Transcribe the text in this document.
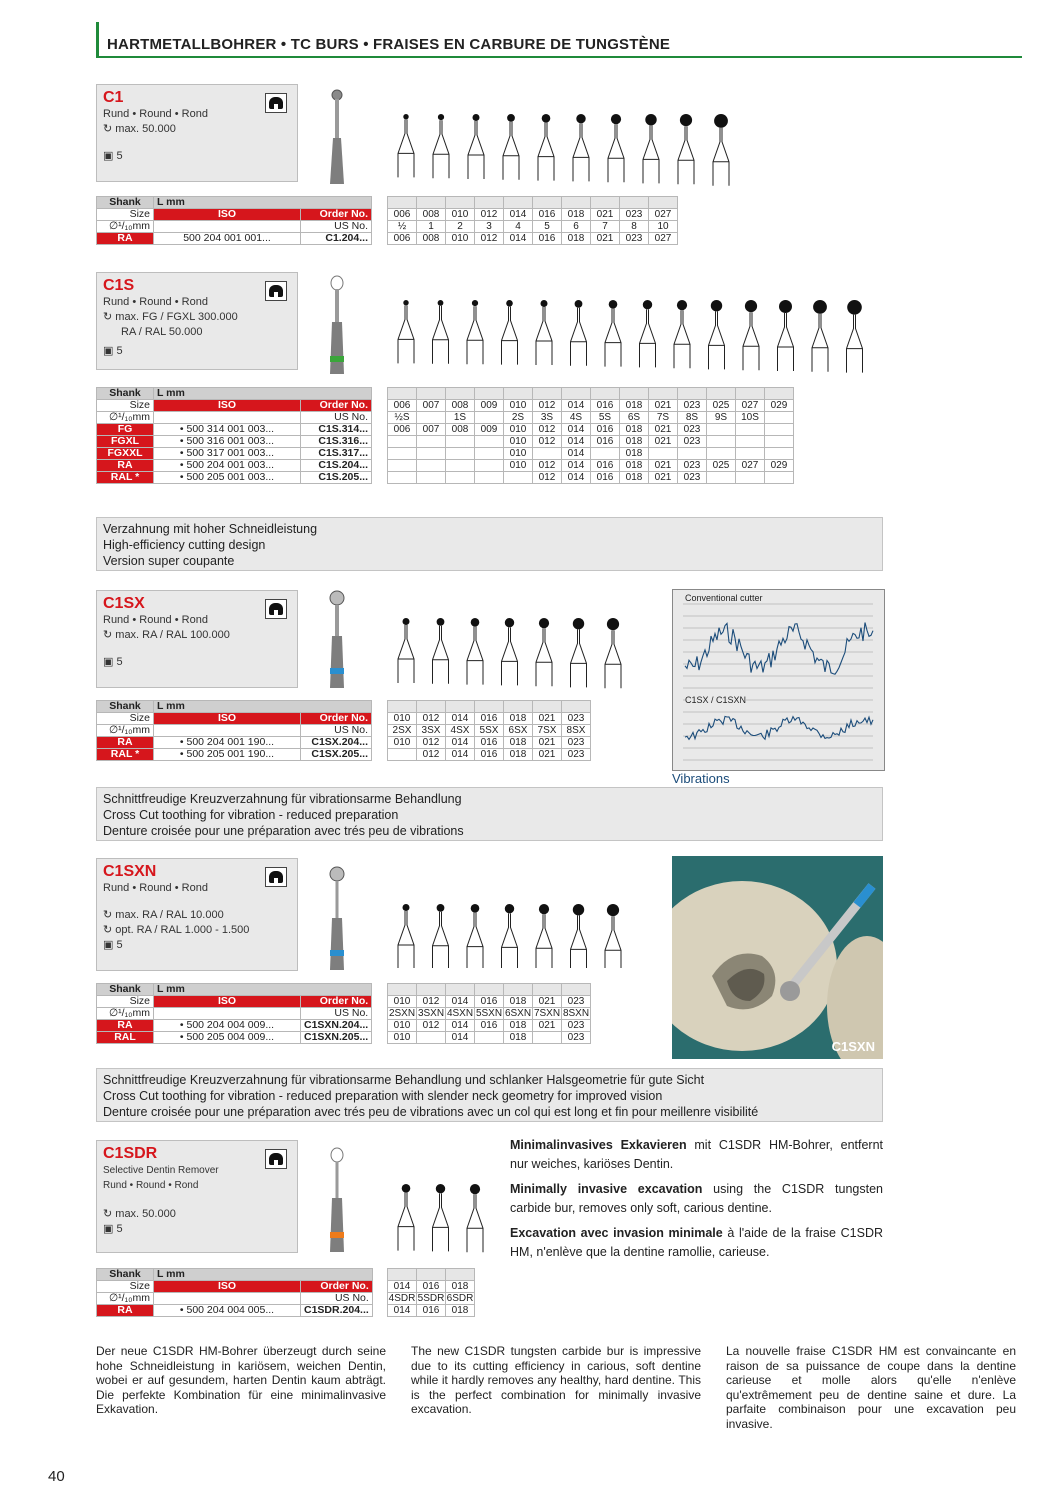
HARTMETALLBOHRER • TC BURS • FRAISES EN CARBURE DE TUNGSTÈNE
C1
Rund • Round • Rond
↻ max. 50.000
▣ 5
Shank	L mm	
Size	ISO	Order No.
∅¹/₁₀mm		US No.
RA	500 204 001 001...	C1.204...

006	008	010	012	014	016	018	021	023	027
½	1	2	3	4	5	6	7	8	10
006	008	010	012	014	016	018	021	023	027
C1S
Rund • Round • Rond
↻ max. FG / FGXL 300.000
RA / RAL 50.000
▣ 5
Shank	L mm	
Size	ISO	Order No.
∅¹/₁₀mm		US No.
FG	• 500 314 001 003...	C1S.314...
FGXL	• 500 316 001 003...	C1S.316...
FGXXL	• 500 317 001 003...	C1S.317...
RA	• 500 204 001 003...	C1S.204...
RAL *	• 500 205 001 003...	C1S.205...

006	007	008	009	010	012	014	016	018	021	023	025	027	029
½S		1S		2S	3S	4S	5S	6S	7S	8S	9S	10S	
006	007	008	009	010	012	014	016	018	021	023			
				010	012	014	016	018	021	023			
				010		014		018					
				010	012	014	016	018	021	023	025	027	029
					012	014	016	018	021	023			
Verzahnung mit hoher Schneidleistung
High-efficiency cutting design
Version super coupante
C1SX
Rund • Round • Rond
↻ max. RA / RAL 100.000
▣ 5
Shank	L mm	
Size	ISO	Order No.
∅¹/₁₀mm		US No.
RA	• 500 204 001 190...	C1SX.204...
RAL *	• 500 205 001 190...	C1SX.205...

010	012	014	016	018	021	023
2SX	3SX	4SX	5SX	6SX	7SX	8SX
010	012	014	016	018	021	023
	012	014	016	018	021	023
Conventional cutter
C1SX / C1SXN
Vibrations
Schnittfreudige Kreuzverzahnung für vibrationsarme Behandlung
Cross Cut toothing for vibration - reduced preparation
Denture croisée pour une préparation avec trés peu de vibrations
C1SXN
Rund • Round • Rond
↻ max. RA / RAL 10.000
↻ opt. RA / RAL 1.000 - 1.500
▣ 5
Shank	L mm	
Size	ISO	Order No.
∅¹/₁₀mm		US No.
RA	• 500 204 004 009...	C1SXN.204...
RAL	• 500 205 004 009...	C1SXN.205...

010	012	014	016	018	021	023
2SXN	3SXN	4SXN	5SXN	6SXN	7SXN	8SXN
010	012	014	016	018	021	023
010		014		018		023
C1SXN
Schnittfreudige Kreuzverzahnung für vibrationsarme Behandlung und schlanker Halsgeometrie für gute Sicht
Cross Cut toothing for vibration - reduced preparation with slender neck geometry for improved vision
Denture croisée pour une préparation avec trés peu de vibrations avec un col qui est long et fin pour meillenre visibilité
C1SDR
Selective Dentin Remover
Rund • Round • Rond
↻ max. 50.000
▣ 5
Shank	L mm	
Size	ISO	Order No.
∅¹/₁₀mm		US No.
RA	• 500 204 004 005...	C1SDR.204...

014	016	018
4SDR	5SDR	6SDR
014	016	018

Minimalinvasives Exkavieren mit C1SDR HM-Bohrer, entfernt nur weiches, kariöses Dentin.

Minimally invasive excavation using the C1SDR tungsten carbide bur, removes only soft, carious dentine.

Excavation avec invasion minimale à l'aide de la fraise C1SDR HM, n'enlève que la dentine ramollie, carieuse.

Der neue C1SDR HM-Bohrer überzeugt durch seine hohe Schneidleistung in kariösem, weichen Dentin, wobei er auf gesundem, harten Dentin kaum abträgt. Die perfekte Kombination für eine minimalinvasive Exkavation.
The new C1SDR tungsten carbide bur is impressive due to its cutting efficiency in carious, soft dentine while it hardly removes any healthy, hard dentine. This is the perfect combination for minimally invasive excavation.
La nouvelle fraise C1SDR HM est convaincante en raison de sa puissance de coupe dans la dentine carieuse et molle alors qu'elle n'enlève qu'extrêmement peu de dentine saine et dure. La parfaite combinaison pour une excavation peu invasive.
40
